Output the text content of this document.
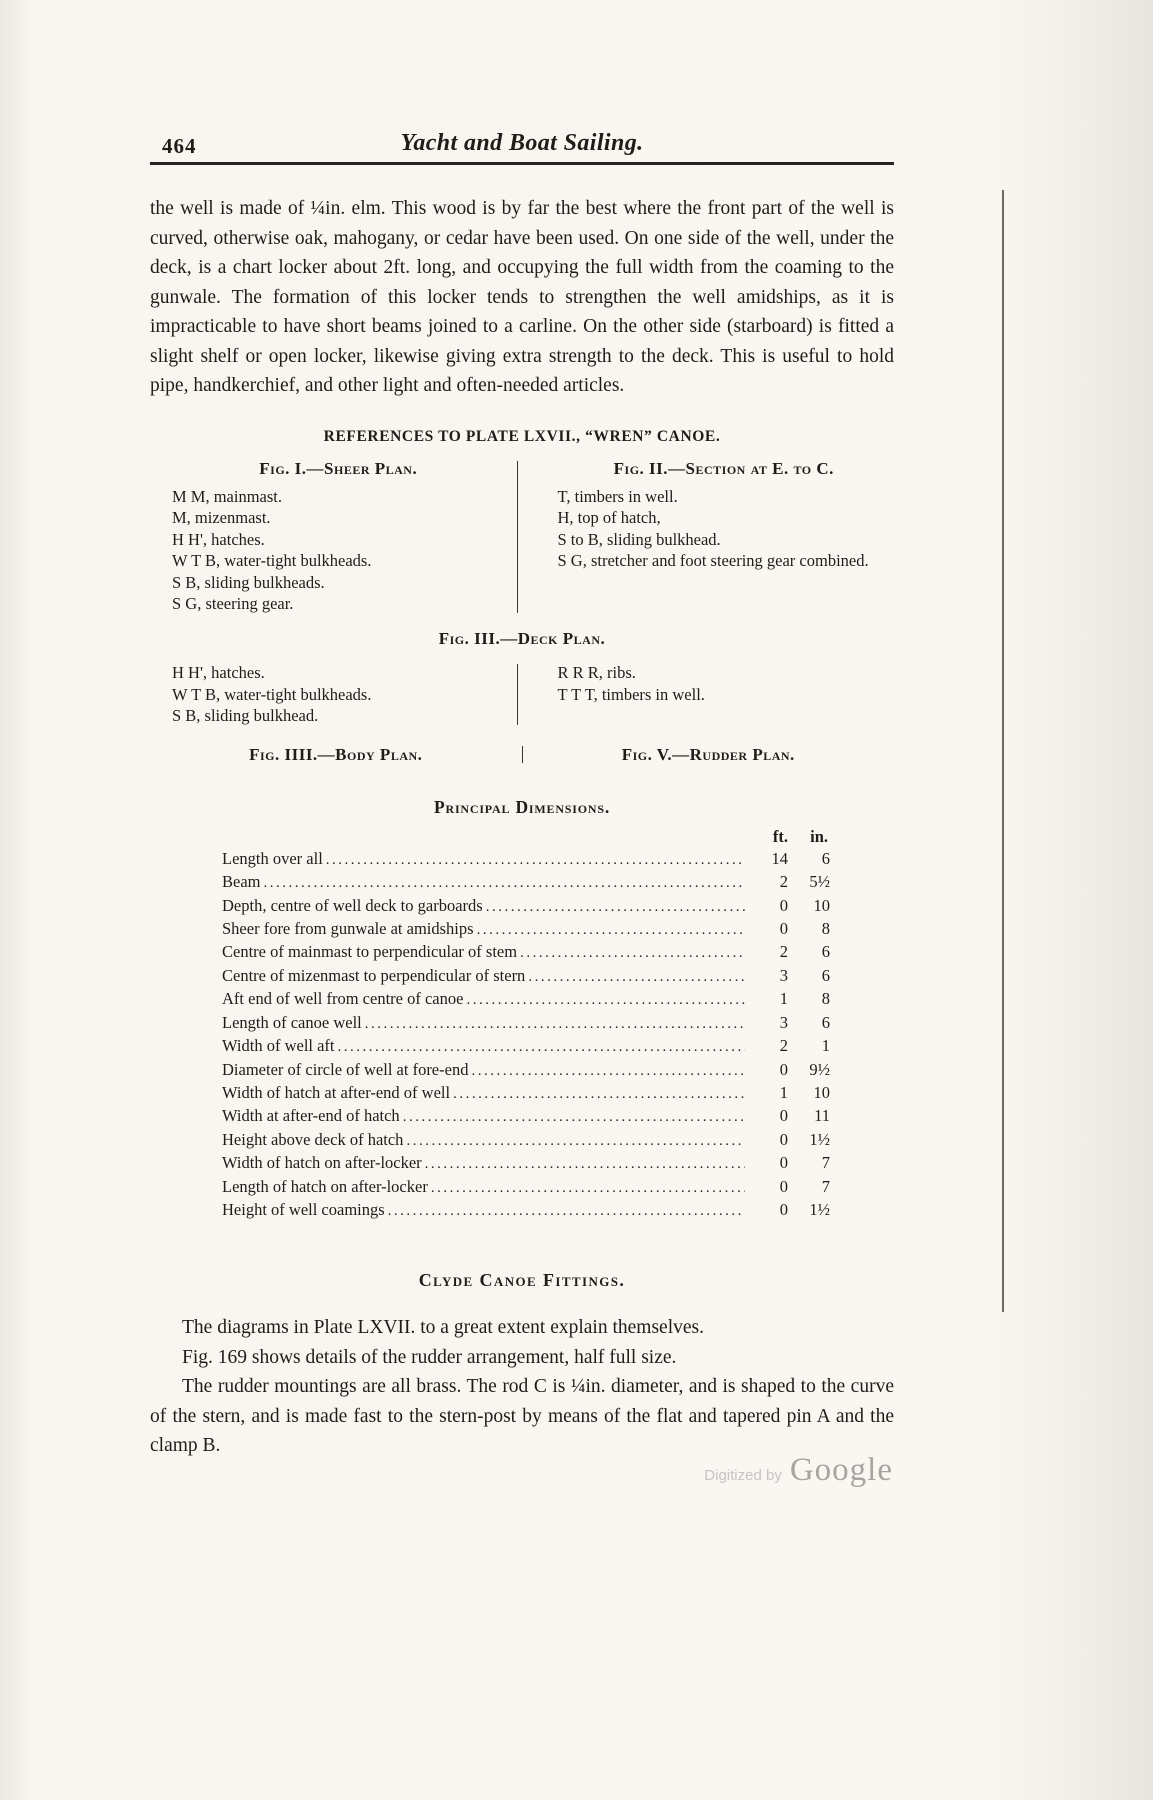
464	Yacht and Boat Sailing.

the well is made of ¼in. elm. This wood is by far the best where the front part of the well is curved, otherwise oak, mahogany, or cedar have been used. On one side of the well, under the deck, is a chart locker about 2ft. long, and occupying the full width from the coaming to the gunwale. The formation of this locker tends to strengthen the well amidships, as it is impracticable to have short beams joined to a carline. On the other side (starboard) is fitted a slight shelf or open locker, likewise giving extra strength to the deck. This is useful to hold pipe, handkerchief, and other light and often-needed articles.

REFERENCES TO PLATE LXVII., “WREN” CANOE.
Fig. I.—Sheer Plan.
M M, mainmast.
M, mizenmast.
H H', hatches.
W T B, water-tight bulkheads.
S B, sliding bulkheads.
S G, steering gear.
Fig. II.—Section at E. to C.
T, timbers in well.
H, top of hatch,
S to B, sliding bulkhead.
S G, stretcher and foot steering gear combined.
Fig. III.—Deck Plan.
H H', hatches.
W T B, water-tight bulkheads.
S B, sliding bulkhead.
R R R, ribs.
T T T, timbers in well.
Fig. IIII.—Body Plan.	Fig. V.—Rudder Plan.
Principal Dimensions.
ft.	in.
Length over all .....	14	6
Beam .....	2	5½
Depth, centre of well deck to garboards .....	0	10
Sheer fore from gunwale at amidships .....	0	8
Centre of mainmast to perpendicular of stem .....	2	6
Centre of mizenmast to perpendicular of stern .....	3	6
Aft end of well from centre of canoe .....	1	8
Length of canoe well .....	3	6
Width of well aft .....	2	1
Diameter of circle of well at fore-end .....	0	9½
Width of hatch at after-end of well .....	1	10
Width at after-end of hatch .....	0	11
Height above deck of hatch .....	0	1½
Width of hatch on after-locker .....	0	7
Length of hatch on after-locker .....	0	7
Height of well coamings .....	0	1½
Clyde Canoe Fittings.

The diagrams in Plate LXVII. to a great extent explain themselves.

Fig. 169 shows details of the rudder arrangement, half full size.

The rudder mountings are all brass. The rod C is ¼in. diameter, and is shaped to the curve of the stern, and is made fast to the stern-post by means of the flat and tapered pin A and the clamp B.

Digitized by Google
